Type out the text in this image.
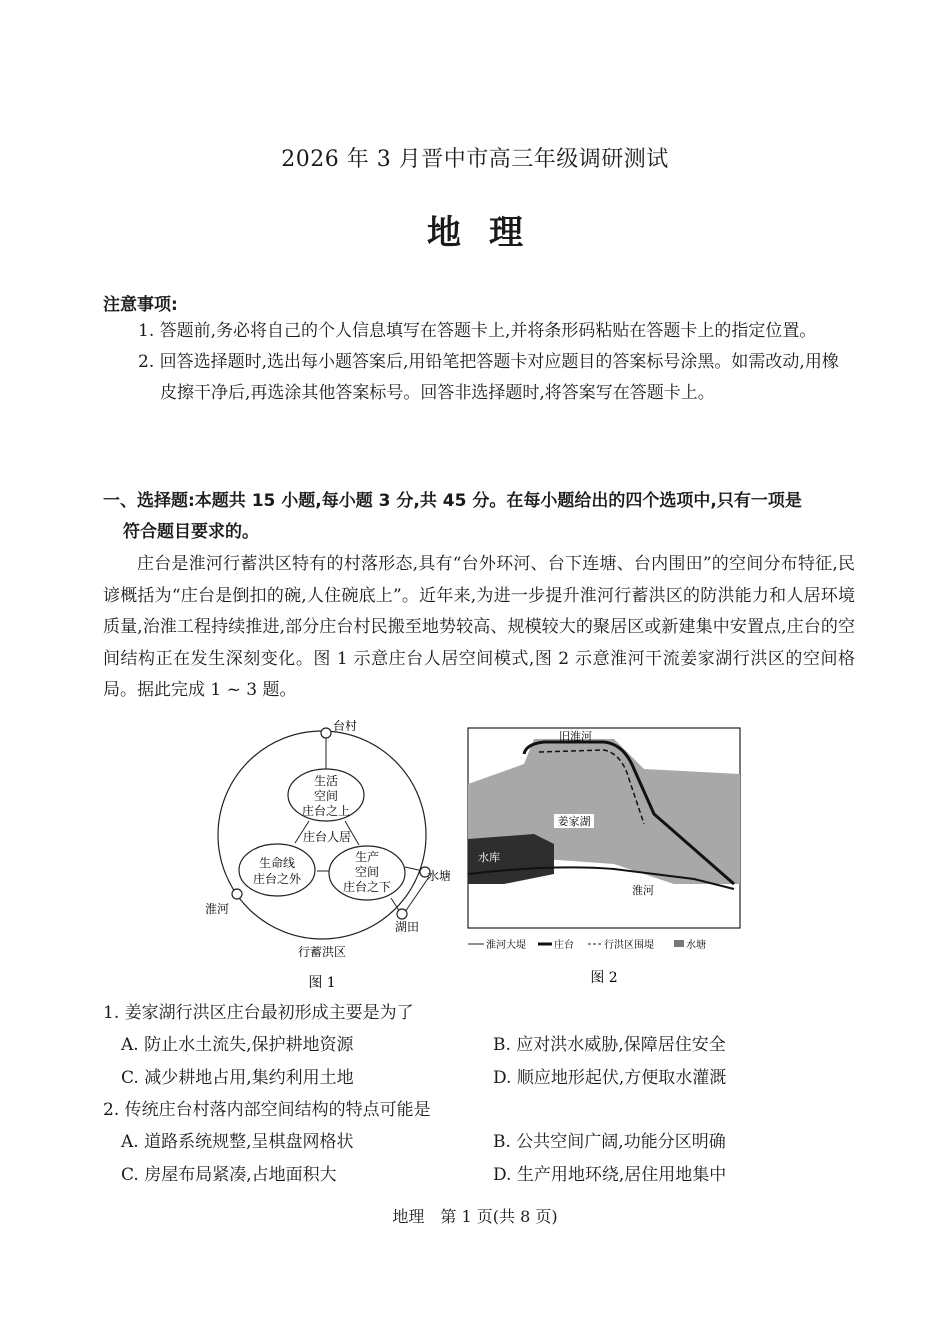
2026 年 3 月晋中市高三年级调研测试
地理
注意事项:
1. 答题前,务必将自己的个人信息填写在答题卡上,并将条形码粘贴在答题卡上的指定位置。
2. 回答选择题时,选出每小题答案后,用铅笔把答题卡对应题目的答案标号涂黑。如需改动,用橡皮擦干净后,再选涂其他答案标号。回答非选择题时,将答案写在答题卡上。
一、选择题:本题共 15 小题,每小题 3 分,共 45 分。在每小题给出的四个选项中,只有一项是
符合题目要求的。
庄台是淮河行蓄洪区特有的村落形态,具有“台外环河、台下连塘、台内围田”的空间分布特征,民谚概括为“庄台是倒扣的碗,人住碗底上”。近年来,为进一步提升淮河行蓄洪区的防洪能力和人居环境质量,治淮工程持续推进,部分庄台村民搬至地势较高、规模较大的聚居区或新建集中安置点,庄台的空间结构正在发生深刻变化。图 1 示意庄台人居空间模式,图 2 示意淮河干流姜家湖行洪区的空间格局。据此完成 1 ~ 3 题。
台村
淮河
水塘
湖田
生活
空间
庄台之上
生命线
庄台之外
生产
空间
庄台之下
庄台人居
行蓄洪区
图 1
姜家湖
旧淮河
水库
淮河
淮河大堤	庄台	行洪区围堤	水塘
图 2
1. 姜家湖行洪区庄台最初形成主要是为了
A. 防止水土流失,保护耕地资源	B. 应对洪水威胁,保障居住安全
C. 减少耕地占用,集约利用土地	D. 顺应地形起伏,方便取水灌溉
2. 传统庄台村落内部空间结构的特点可能是
A. 道路系统规整,呈棋盘网格状	B. 公共空间广阔,功能分区明确
C. 房屋布局紧凑,占地面积大	D. 生产用地环绕,居住用地集中
地理　第 1 页(共 8 页)
